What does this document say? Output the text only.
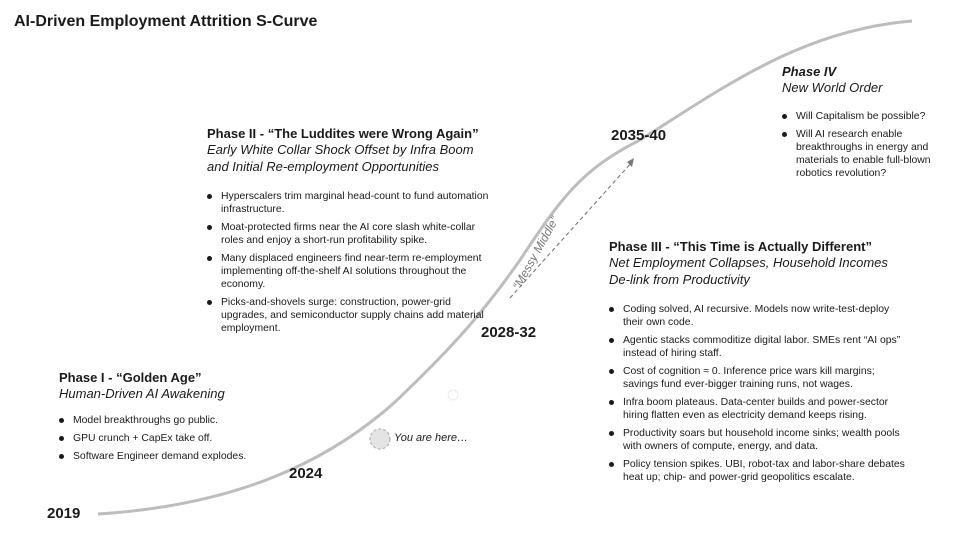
AI-Driven Employment Attrition S-Curve
“Messy Middle”
You are here…
2019
2024
2028-32
2035-40
Phase I - “Golden Age”
Human-Driven AI Awakening
Model breakthroughs go public.
GPU crunch + CapEx take off.
Software Engineer demand explodes.
Phase II - “The Luddites were Wrong Again”
Early White Collar Shock Offset by Infra Boom
and Initial Re-employment Opportunities
Hyperscalers trim marginal head-count to fund automation infrastructure.
Moat-protected firms near the AI core slash white-collar roles and enjoy a short-run profitability spike.
Many displaced engineers find near-term re-employment implementing off-the-shelf AI solutions throughout the economy.
Picks-and-shovels surge: construction, power-grid upgrades, and semiconductor supply chains add material employment.
Phase III - “This Time is Actually Different”
Net Employment Collapses, Household Incomes
De-link from Productivity
Coding solved, AI recursive. Models now write-test-deploy their own code.
Agentic stacks commoditize digital labor. SMEs rent “AI ops” instead of hiring staff.
Cost of cognition ≈ 0. Inference price wars kill margins; savings fund ever-bigger training runs, not wages.
Infra boom plateaus. Data-center builds and power-sector hiring flatten even as electricity demand keeps rising.
Productivity soars but household income sinks; wealth pools with owners of compute, energy, and data.
Policy tension spikes. UBI, robot-tax and labor-share debates heat up; chip- and power-grid geopolitics escalate.
Phase IV
New World Order
Will Capitalism be possible?
Will AI research enable breakthroughs in energy and materials to enable full-blown robotics revolution?
